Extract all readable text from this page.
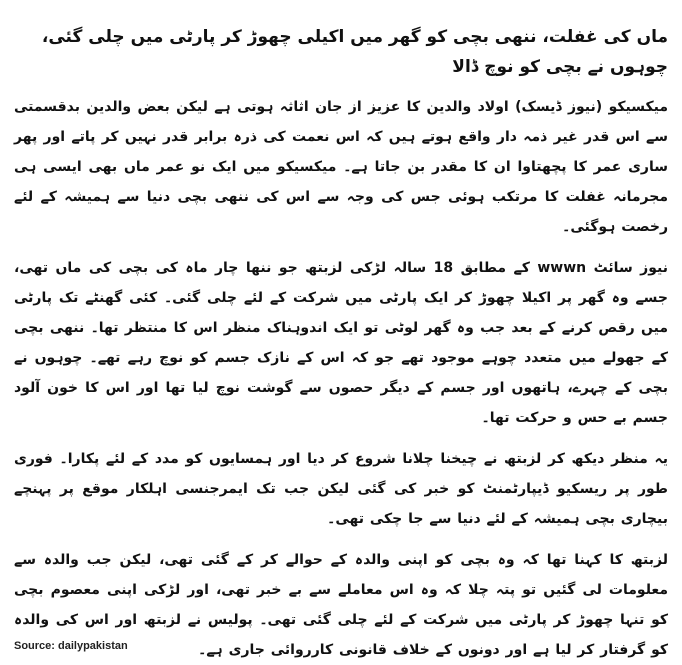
ماں کی غفلت، ننھی بچی کو گھر میں اکیلی چھوڑ کر پارٹی میں چلی گئی، چوہوں نے بچی کو نوچ ڈالا

میکسیکو (نیوز ڈیسک) اولاد والدین کا عزیز از جان اثاثہ ہوتی ہے لیکن بعض والدین بدقسمتی سے اس قدر غیر ذمہ دار واقع ہوتے ہیں کہ اس نعمت کی ذرہ برابر قدر نہیں کر پاتے اور پھر ساری عمر کا پچھتاوا ان کا مقدر بن جاتا ہے۔ میکسیکو میں ایک نو عمر ماں بھی ایسی ہی مجرمانہ غفلت کا مرتکب ہوئی جس کی وجہ سے اس کی ننھی بچی دنیا سے ہمیشہ کے لئے رخصت ہوگئی۔

نیوز سائٹ wwwn کے مطابق 18 سالہ لڑکی لزبتھ جو ننھا چار ماہ کی بچی کی ماں تھی، جسے وہ گھر پر اکیلا چھوڑ کر ایک پارٹی میں شرکت کے لئے چلی گئی۔ کئی گھنٹے تک پارٹی میں رقص کرنے کے بعد جب وہ گھر لوٹی تو ایک اندوہناک منظر اس کا منتظر تھا۔ ننھی بچی کے جھولے میں متعدد چوہے موجود تھے جو کہ اس کے نازک جسم کو نوچ رہے تھے۔ چوہوں نے بچی کے چہرے، ہاتھوں اور جسم کے دیگر حصوں سے گوشت نوچ لیا تھا اور اس کا خون آلود جسم بے حس و حرکت تھا۔

یہ منظر دیکھ کر لزبتھ نے چیخنا چلانا شروع کر دیا اور ہمسایوں کو مدد کے لئے پکارا۔ فوری طور پر ریسکیو ڈیپارٹمنٹ کو خبر کی گئی لیکن جب تک ایمرجنسی اہلکار موقع پر پہنچے بیچاری بچی ہمیشہ کے لئے دنیا سے جا چکی تھی۔

لزبتھ کا کہنا تھا کہ وہ بچی کو اپنی والدہ کے حوالے کر کے گئی تھی، لیکن جب والدہ سے معلومات لی گئیں تو پتہ چلا کہ وہ اس معاملے سے بے خبر تھی، اور لڑکی اپنی معصوم بچی کو تنہا چھوڑ کر پارٹی میں شرکت کے لئے چلی گئی تھی۔ پولیس نے لزبتھ اور اس کی والدہ کو گرفتار کر لیا ہے اور دونوں کے خلاف قانونی کارروائی جاری ہے۔

Source: dailypakistan
